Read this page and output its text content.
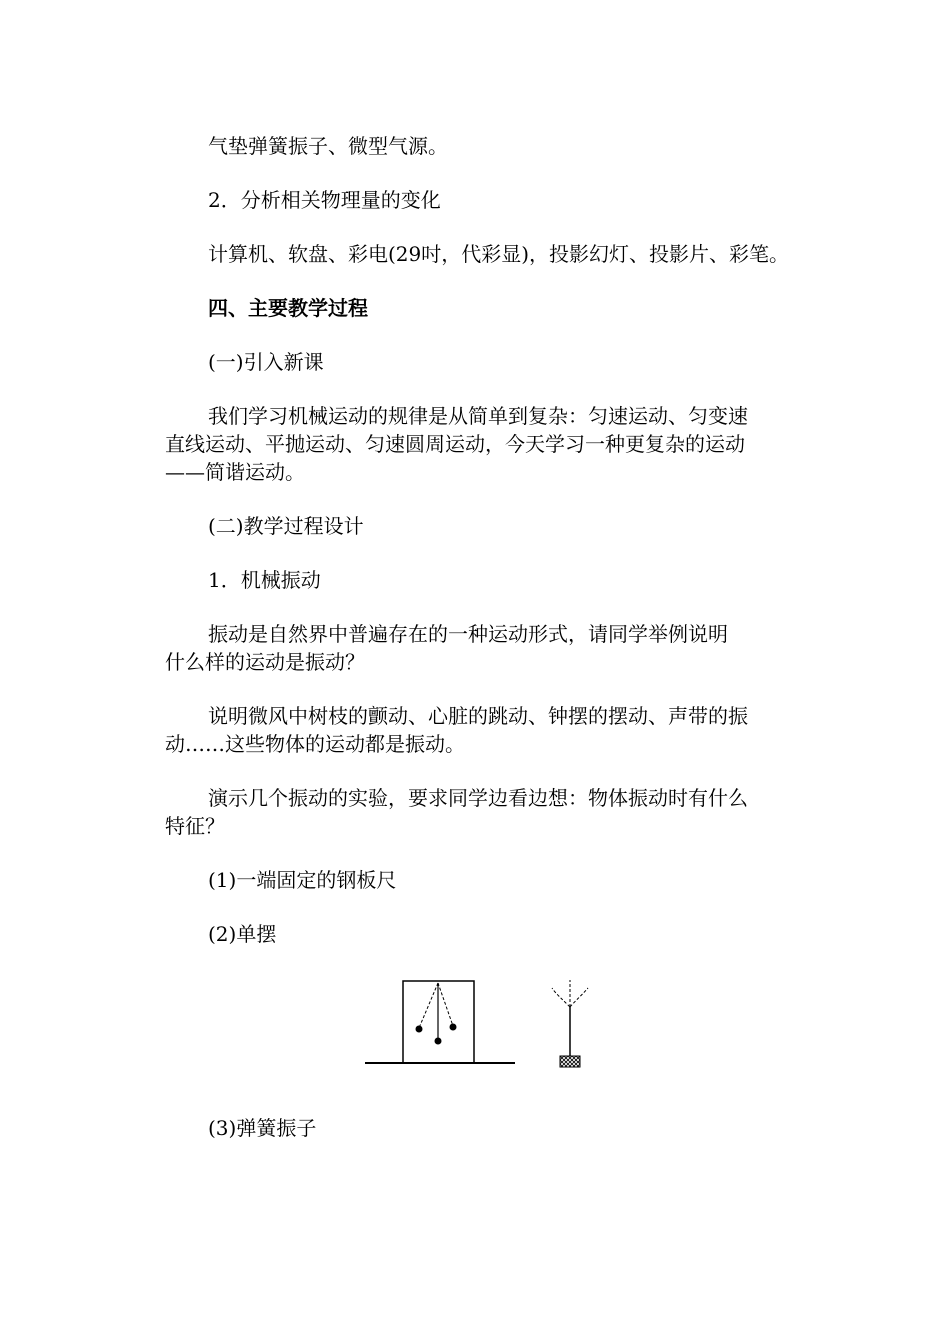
气垫弹簧振子、微型气源。
2．分析相关物理量的变化
计算机、软盘、彩电(29吋，代彩显)，投影幻灯、投影片、彩笔。
四、主要教学过程
(一)引入新课
我们学习机械运动的规律是从简单到复杂：匀速运动、匀变速
直线运动、平抛运动、匀速圆周运动，今天学习一种更复杂的运动
——简谐运动。
(二)教学过程设计
1．机械振动
振动是自然界中普遍存在的一种运动形式，请同学举例说明
什么样的运动是振动？
说明微风中树枝的颤动、心脏的跳动、钟摆的摆动、声带的振
动……这些物体的运动都是振动。
演示几个振动的实验，要求同学边看边想：物体振动时有什么
特征？
(1)一端固定的钢板尺
(2)单摆
(3)弹簧振子
